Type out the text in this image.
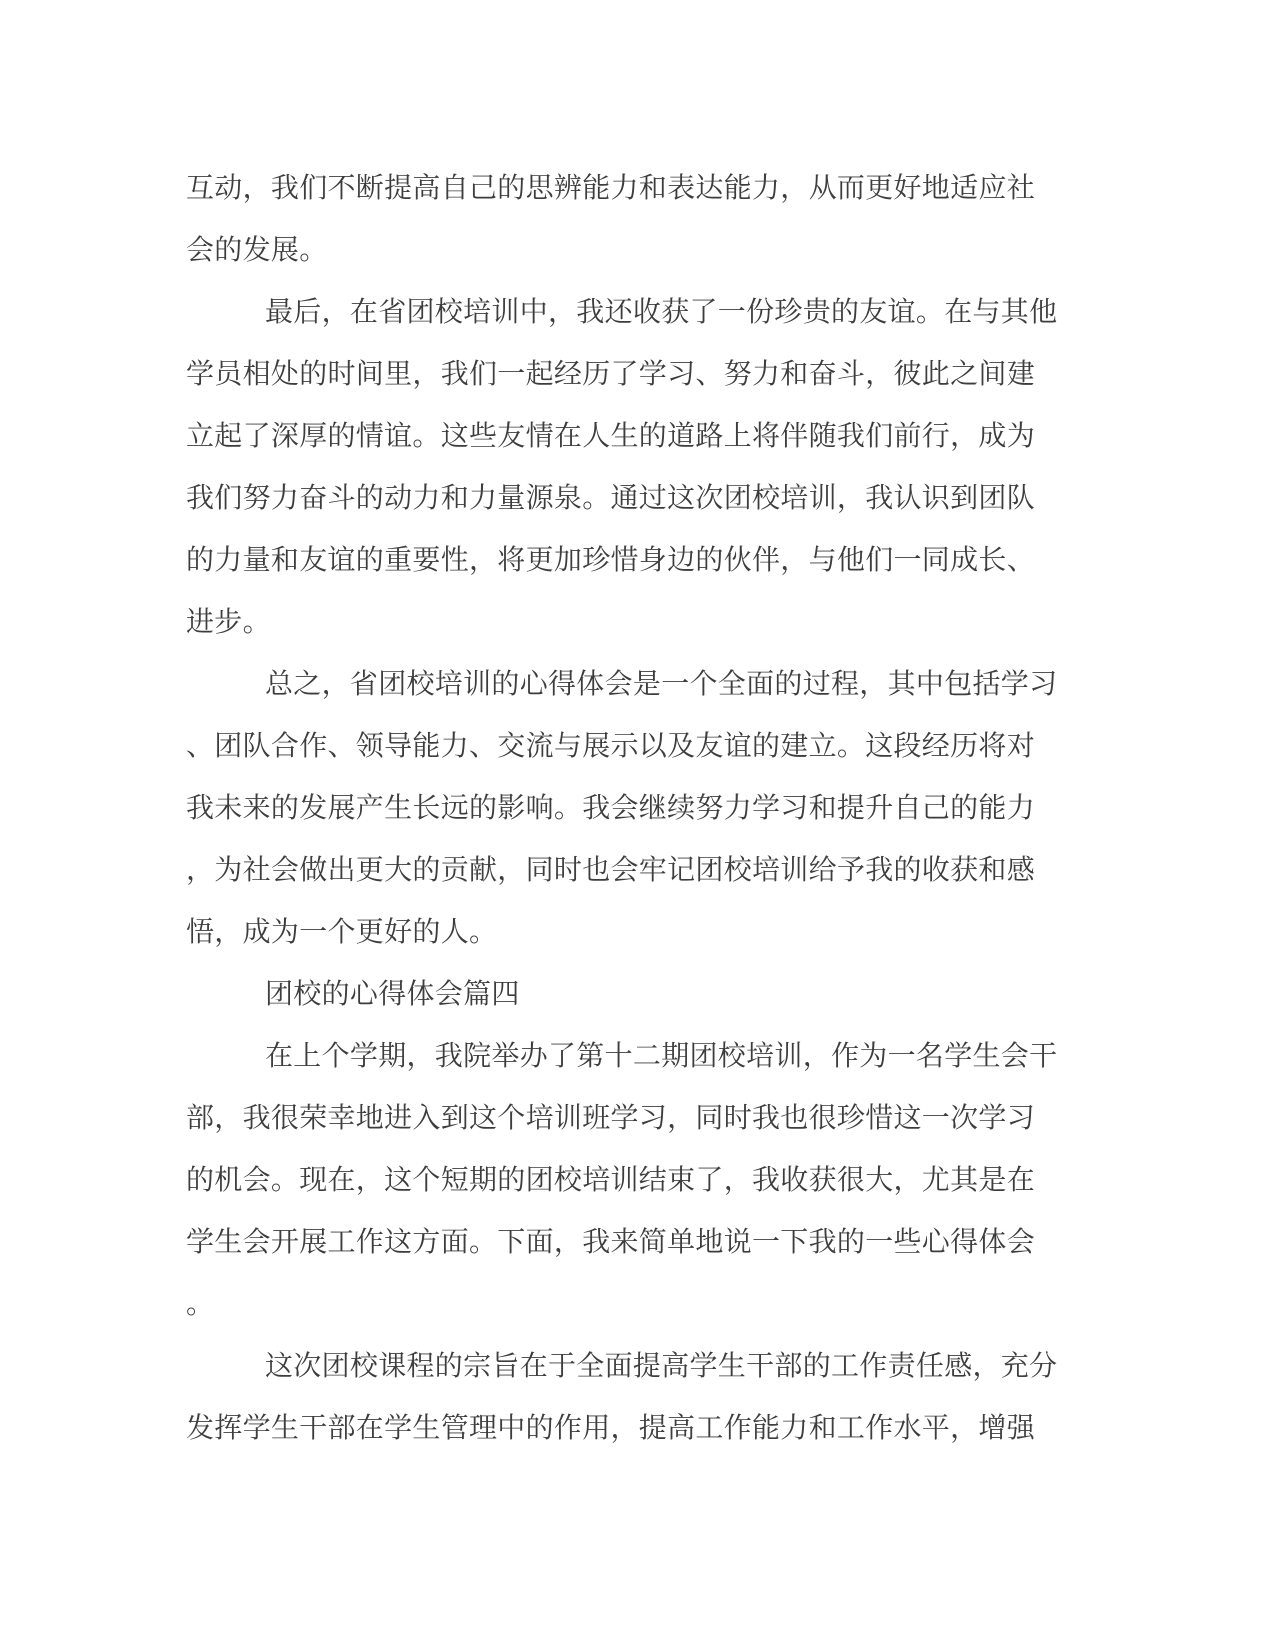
互动，我们不断提高自己的思辨能力和表达能力，从而更好地适应社
会的发展。
最后，在省团校培训中，我还收获了一份珍贵的友谊。在与其他
学员相处的时间里，我们一起经历了学习、努力和奋斗，彼此之间建
立起了深厚的情谊。这些友情在人生的道路上将伴随我们前行，成为
我们努力奋斗的动力和力量源泉。通过这次团校培训，我认识到团队
的力量和友谊的重要性，将更加珍惜身边的伙伴，与他们一同成长、
进步。
总之，省团校培训的心得体会是一个全面的过程，其中包括学习
、团队合作、领导能力、交流与展示以及友谊的建立。这段经历将对
我未来的发展产生长远的影响。我会继续努力学习和提升自己的能力
，为社会做出更大的贡献，同时也会牢记团校培训给予我的收获和感
悟，成为一个更好的人。
团校的心得体会篇四
在上个学期，我院举办了第十二期团校培训，作为一名学生会干
部，我很荣幸地进入到这个培训班学习，同时我也很珍惜这一次学习
的机会。现在，这个短期的团校培训结束了，我收获很大，尤其是在
学生会开展工作这方面。下面，我来简单地说一下我的一些心得体会
。
这次团校课程的宗旨在于全面提高学生干部的工作责任感，充分
发挥学生干部在学生管理中的作用，提高工作能力和工作水平，增强
